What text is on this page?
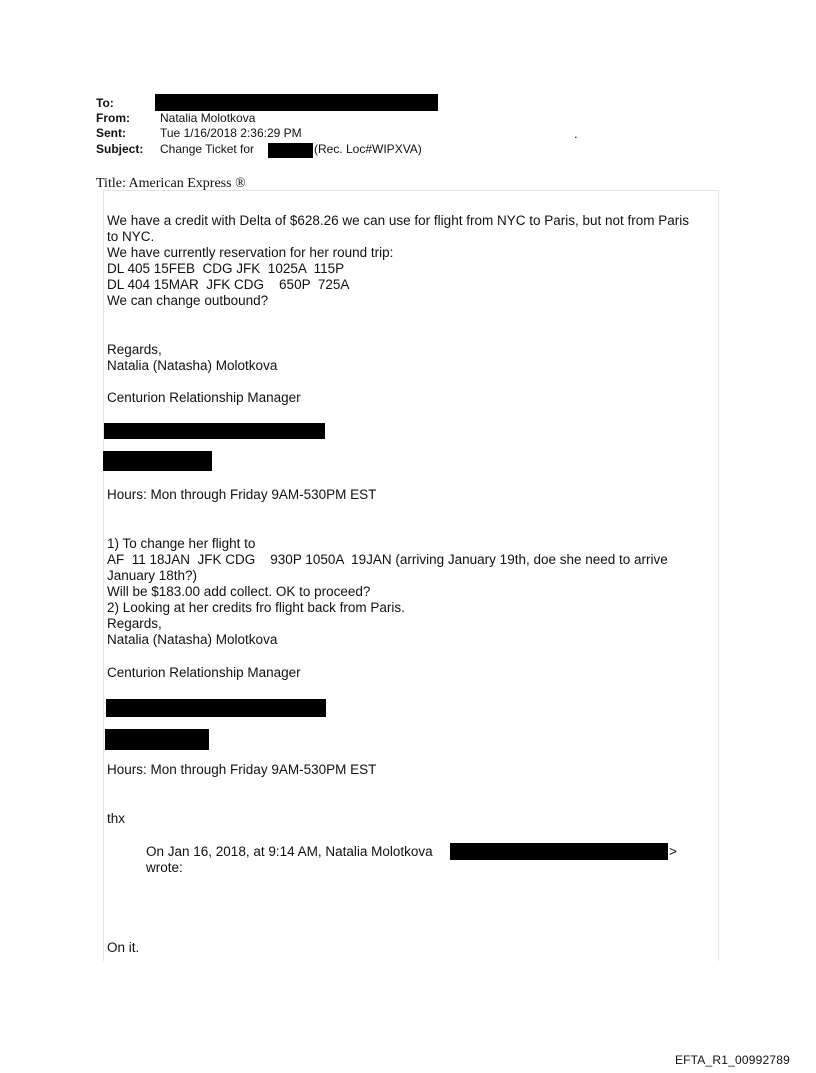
To:
From:	Natalia Molotkova
Sent:	Tue 1/16/2018 2:36:29 PM
Subject: Change Ticket for	(Rec. Loc#WIPXVA)
.
Title: American Express ®
We have a credit with Delta of $628.26 we can use for flight from NYC to Paris, but not from Paris
to NYC.
We have currently reservation for her round trip:
DL 405 15FEB  CDG JFK  1025A  115P
DL 404 15MAR  JFK CDG    650P  725A
We can change outbound?
Regards,
Natalia (Natasha) Molotkova
Centurion Relationship Manager
Hours: Mon through Friday 9AM-530PM EST
1) To change her flight to
AF  11 18JAN  JFK CDG    930P 1050A  19JAN (arriving January 19th, doe she need to arrive
January 18th?)
Will be $183.00 add collect. OK to proceed?
2) Looking at her credits fro flight back from Paris.
Regards,
Natalia (Natasha) Molotkova
Centurion Relationship Manager
Hours: Mon through Friday 9AM-530PM EST
thx
On Jan 16, 2018, at 9:14 AM, Natalia Molotkova	>
wrote:
On it.
EFTA_R1_00992789
